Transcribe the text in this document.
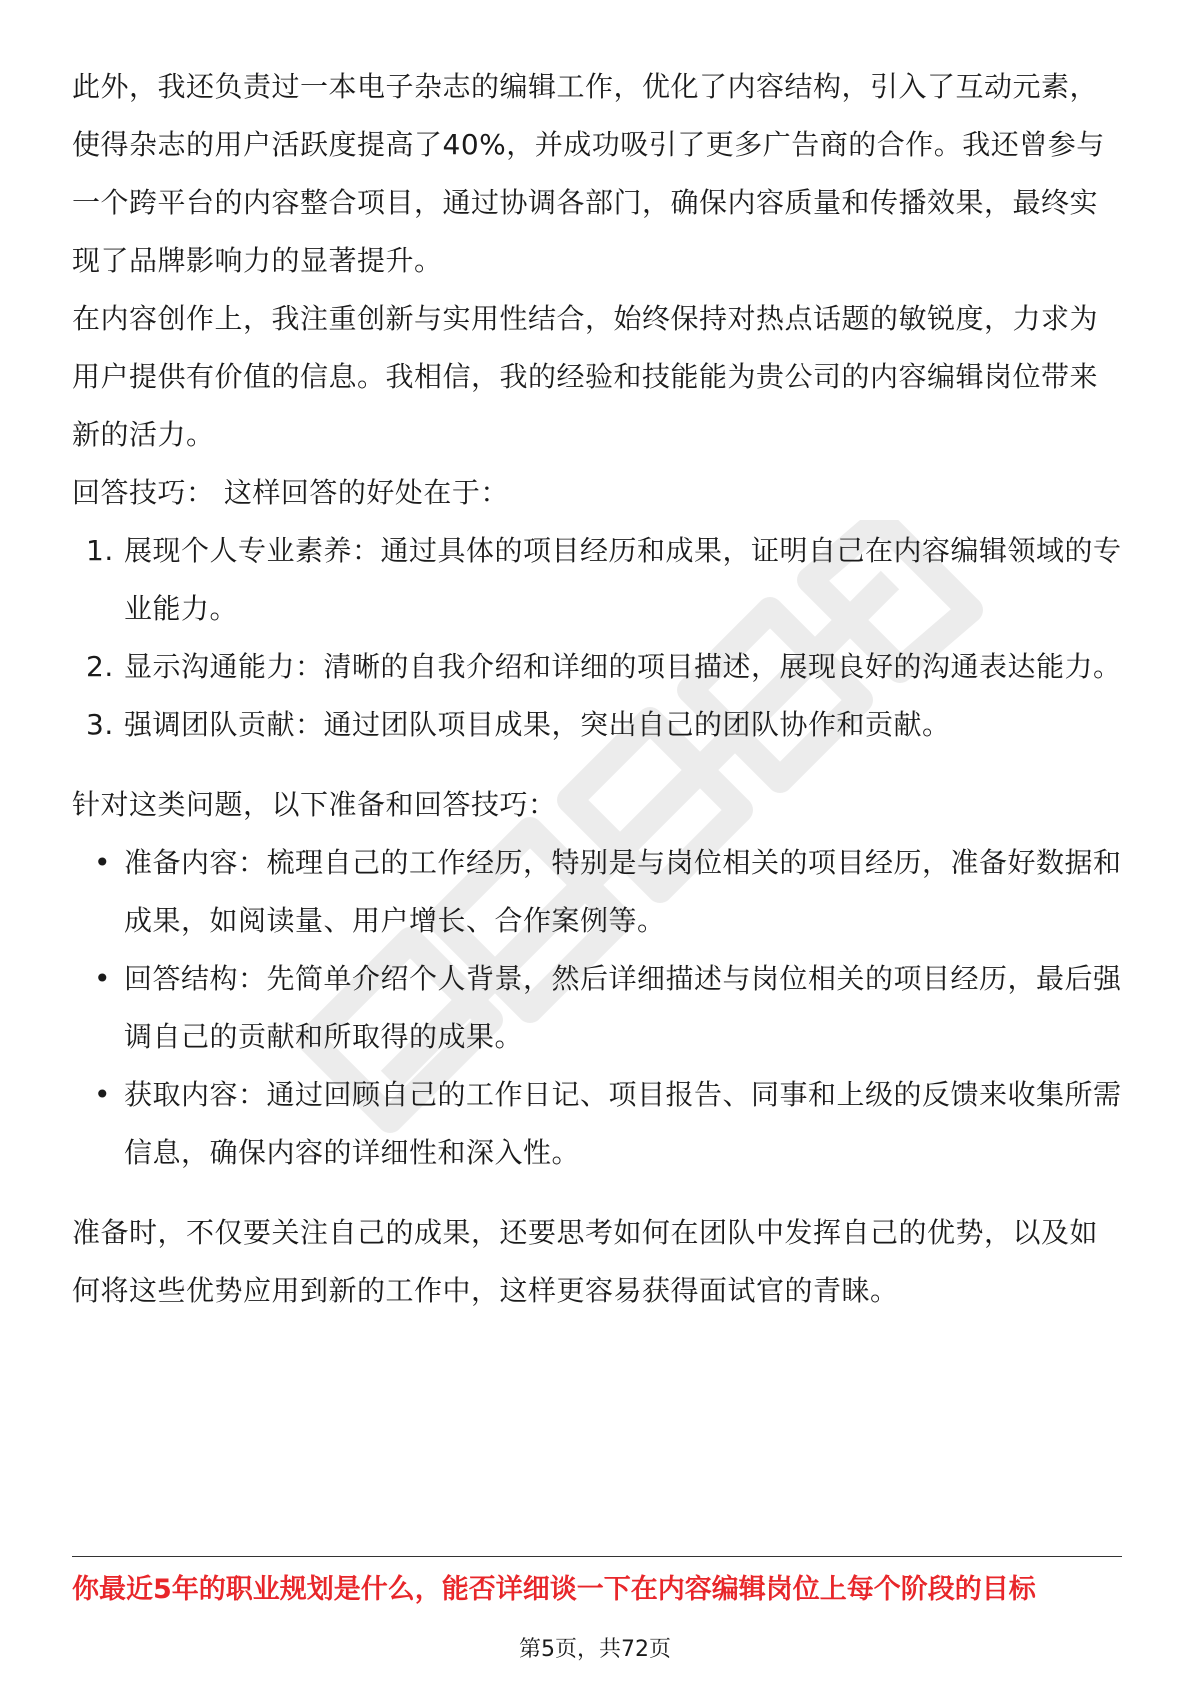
此外，我还负责过一本电子杂志的编辑工作，优化了内容结构，引入了互动元素，使得杂志的用户活跃度提高了40%，并成功吸引了更多广告商的合作。我还曾参与一个跨平台的内容整合项目，通过协调各部门，确保内容质量和传播效果，最终实现了品牌影响力的显著提升。

在内容创作上，我注重创新与实用性结合，始终保持对热点话题的敏锐度，力求为用户提供有价值的信息。我相信，我的经验和技能能为贵公司的内容编辑岗位带来新的活力。

回答技巧： 这样回答的好处在于：

1. 展现个人专业素养：通过具体的项目经历和成果，证明自己在内容编辑领域的专业能力。
2. 显示沟通能力：清晰的自我介绍和详细的项目描述，展现良好的沟通表达能力。
3. 强调团队贡献：通过团队项目成果，突出自己的团队协作和贡献。

针对这类问题，以下准备和回答技巧：

• 准备内容：梳理自己的工作经历，特别是与岗位相关的项目经历，准备好数据和成果，如阅读量、用户增长、合作案例等。
• 回答结构：先简单介绍个人背景，然后详细描述与岗位相关的项目经历，最后强调自己的贡献和所取得的成果。
• 获取内容：通过回顾自己的工作日记、项目报告、同事和上级的反馈来收集所需信息，确保内容的详细性和深入性。

准备时，不仅要关注自己的成果，还要思考如何在团队中发挥自己的优势，以及如何将这些优势应用到新的工作中，这样更容易获得面试官的青睐。

你最近5年的职业规划是什么，能否详细谈一下在内容编辑岗位上每个阶段的目标
第5页，共72页
